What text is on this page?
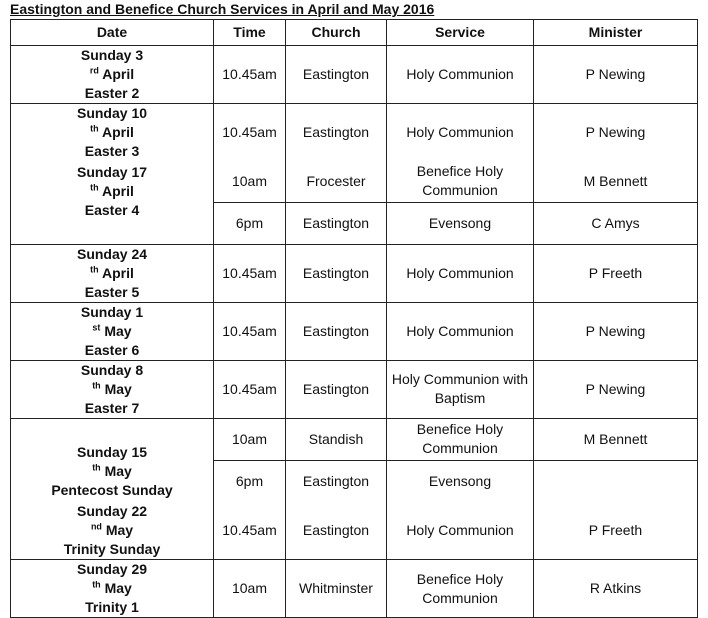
Eastington and Benefice Church Services in April and May 2016
Date	Time	Church	Service	Minister

Sunday 3
$^{rd}$ April
Easter 2	10.45am	Eastington	Holy Communion	P Newing

Sunday 10
$^{th}$ April
Easter 3	10.45am	Eastington	Holy Communion	P Newing

Sunday 17
$^{th}$ April
Easter 4	10am	Frocester	Benefice Holy Communion	M Bennett
	6pm	Eastington	Evensong	C Amys

Sunday 24
$^{th}$ April
Easter 5	10.45am	Eastington	Holy Communion	P Freeth

Sunday 1
$^{st}$ May
Easter 6	10.45am	Eastington	Holy Communion	P Newing

Sunday 8
$^{th}$ May
Easter 7	10.45am	Eastington	Holy Communion with Baptism	P Newing

Sunday 15
$^{th}$ May
Pentecost Sunday	10am	Standish	Benefice Holy Communion	M Bennett
	6pm	Eastington	Evensong	

Sunday 22
$^{nd}$ May
Trinity Sunday	10.45am	Eastington	Holy Communion	P Freeth

Sunday 29
$^{th}$ May
Trinity 1	10am	Whitminster	Benefice Holy Communion	R Atkins
